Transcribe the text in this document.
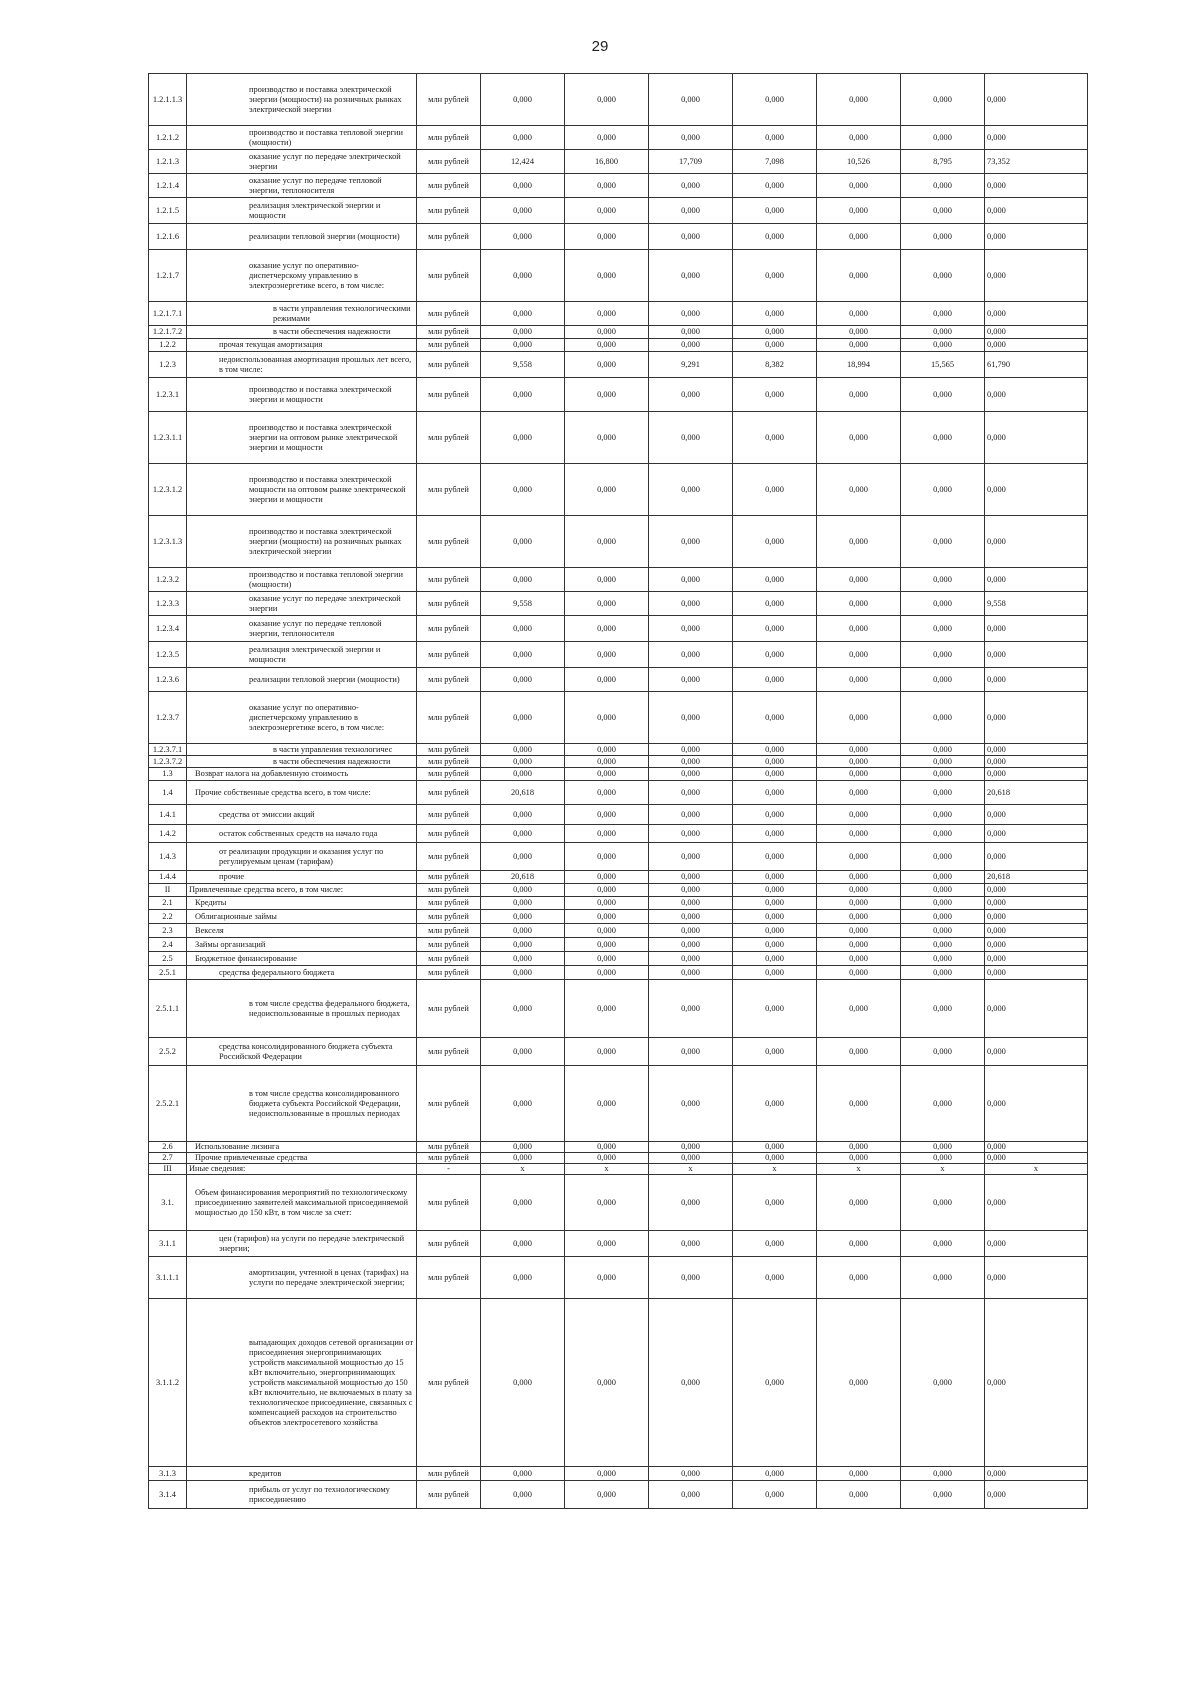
29
1.2.1.1.3	производство и поставка электрической энергии (мощности) на розничных рынках электрической энергии	млн рублей	0,000	0,000	0,000	0,000	0,000	0,000	0,000
1.2.1.2	производство и поставка тепловой энергии (мощности)	млн рублей	0,000	0,000	0,000	0,000	0,000	0,000	0,000
1.2.1.3	оказание услуг по передаче электрической энергии	млн рублей	12,424	16,800	17,709	7,098	10,526	8,795	73,352
1.2.1.4	оказание услуг по передаче тепловой энергии, теплоносителя	млн рублей	0,000	0,000	0,000	0,000	0,000	0,000	0,000
1.2.1.5	реализация электрической энергии и мощности	млн рублей	0,000	0,000	0,000	0,000	0,000	0,000	0,000
1.2.1.6	реализации тепловой энергии (мощности)	млн рублей	0,000	0,000	0,000	0,000	0,000	0,000	0,000
1.2.1.7	оказание услуг по оперативно-диспетчерскому управлению в электроэнергетике всего, в том числе:	млн рублей	0,000	0,000	0,000	0,000	0,000	0,000	0,000
1.2.1.7.1	в части управления технологическими режимами	млн рублей	0,000	0,000	0,000	0,000	0,000	0,000	0,000
1.2.1.7.2	в части обеспечения надежности	млн рублей	0,000	0,000	0,000	0,000	0,000	0,000	0,000
1.2.2	прочая текущая амортизация	млн рублей	0,000	0,000	0,000	0,000	0,000	0,000	0,000
1.2.3	недоиспользованная амортизация прошлых лет всего, в том числе:	млн рублей	9,558	0,000	9,291	8,382	18,994	15,565	61,790
1.2.3.1	производство и поставка электрической энергии и мощности	млн рублей	0,000	0,000	0,000	0,000	0,000	0,000	0,000
1.2.3.1.1	производство и поставка электрической энергии на оптовом рынке электрической энергии и мощности	млн рублей	0,000	0,000	0,000	0,000	0,000	0,000	0,000
1.2.3.1.2	производство и поставка электрической мощности на оптовом рынке электрической энергии и мощности	млн рублей	0,000	0,000	0,000	0,000	0,000	0,000	0,000
1.2.3.1.3	производство и поставка электрической энергии (мощности) на розничных рынках электрической энергии	млн рублей	0,000	0,000	0,000	0,000	0,000	0,000	0,000
1.2.3.2	производство и поставка тепловой энергии (мощности)	млн рублей	0,000	0,000	0,000	0,000	0,000	0,000	0,000
1.2.3.3	оказание услуг по передаче электрической энергии	млн рублей	9,558	0,000	0,000	0,000	0,000	0,000	9,558
1.2.3.4	оказание услуг по передаче тепловой энергии, теплоносителя	млн рублей	0,000	0,000	0,000	0,000	0,000	0,000	0,000
1.2.3.5	реализация электрической энергии и мощности	млн рублей	0,000	0,000	0,000	0,000	0,000	0,000	0,000
1.2.3.6	реализации тепловой энергии (мощности)	млн рублей	0,000	0,000	0,000	0,000	0,000	0,000	0,000
1.2.3.7	оказание услуг по оперативно-диспетчерскому управлению в электроэнергетике всего, в том числе:	млн рублей	0,000	0,000	0,000	0,000	0,000	0,000	0,000
1.2.3.7.1	в части управления технологичес	млн рублей	0,000	0,000	0,000	0,000	0,000	0,000	0,000
1.2.3.7.2	в части обеспечения надежности	млн рублей	0,000	0,000	0,000	0,000	0,000	0,000	0,000
1.3	Возврат налога на добавленную стоимость	млн рублей	0,000	0,000	0,000	0,000	0,000	0,000	0,000
1.4	Прочие собственные средства всего, в том числе:	млн рублей	20,618	0,000	0,000	0,000	0,000	0,000	20,618
1.4.1	средства от эмиссии акций	млн рублей	0,000	0,000	0,000	0,000	0,000	0,000	0,000
1.4.2	остаток собственных средств на начало года	млн рублей	0,000	0,000	0,000	0,000	0,000	0,000	0,000
1.4.3	от реализации продукции и оказания услуг по регулируемым ценам (тарифам)	млн рублей	0,000	0,000	0,000	0,000	0,000	0,000	0,000
1.4.4	прочие	млн рублей	20,618	0,000	0,000	0,000	0,000	0,000	20,618
II	Привлеченные средства всего, в том числе:	млн рублей	0,000	0,000	0,000	0,000	0,000	0,000	0,000
2.1	Кредиты	млн рублей	0,000	0,000	0,000	0,000	0,000	0,000	0,000
2.2	Облигационные займы	млн рублей	0,000	0,000	0,000	0,000	0,000	0,000	0,000
2.3	Векселя	млн рублей	0,000	0,000	0,000	0,000	0,000	0,000	0,000
2.4	Займы организаций	млн рублей	0,000	0,000	0,000	0,000	0,000	0,000	0,000
2.5	Бюджетное финансирование	млн рублей	0,000	0,000	0,000	0,000	0,000	0,000	0,000
2.5.1	средства федерального бюджета	млн рублей	0,000	0,000	0,000	0,000	0,000	0,000	0,000
2.5.1.1	в том числе средства федерального бюджета, недоиспользованные в прошлых периодах	млн рублей	0,000	0,000	0,000	0,000	0,000	0,000	0,000
2.5.2	средства консолидированного бюджета субъекта Российской Федерации	млн рублей	0,000	0,000	0,000	0,000	0,000	0,000	0,000
2.5.2.1	в том числе средства консолидированного бюджета субъекта Российской Федерации, недоиспользованные в прошлых периодах	млн рублей	0,000	0,000	0,000	0,000	0,000	0,000	0,000
2.6	Использование лизинга	млн рублей	0,000	0,000	0,000	0,000	0,000	0,000	0,000
2.7	Прочие привлеченные средства	млн рублей	0,000	0,000	0,000	0,000	0,000	0,000	0,000
III	Иные сведения:	-	x	x	x	x	x	x	x
3.1.	Объем финансирования мероприятий по технологическому присоединению заявителей максимальной присоединяемой мощностью до 150 кВт, в том числе за счет:	млн рублей	0,000	0,000	0,000	0,000	0,000	0,000	0,000
3.1.1	цен (тарифов) на услуги по передаче электрической энергии;	млн рублей	0,000	0,000	0,000	0,000	0,000	0,000	0,000
3.1.1.1	амортизации, учтенной в ценах (тарифах) на услуги по передаче электрической энергии;	млн рублей	0,000	0,000	0,000	0,000	0,000	0,000	0,000
3.1.1.2	выпадающих доходов сетевой организации от присоединения энергопринимающих устройств максимальной мощностью до 15 кВт включительно, энергопринимающих устройств максимальной мощностью до 150 кВт включительно, не включаемых в плату за технологическое присоединение, связанных с компенсацией расходов на строительство объектов электросетевого хозяйства	млн рублей	0,000	0,000	0,000	0,000	0,000	0,000	0,000
3.1.3	кредитов	млн рублей	0,000	0,000	0,000	0,000	0,000	0,000	0,000
3.1.4	прибыль от услуг по технологическому присоединению	млн рублей	0,000	0,000	0,000	0,000	0,000	0,000	0,000
